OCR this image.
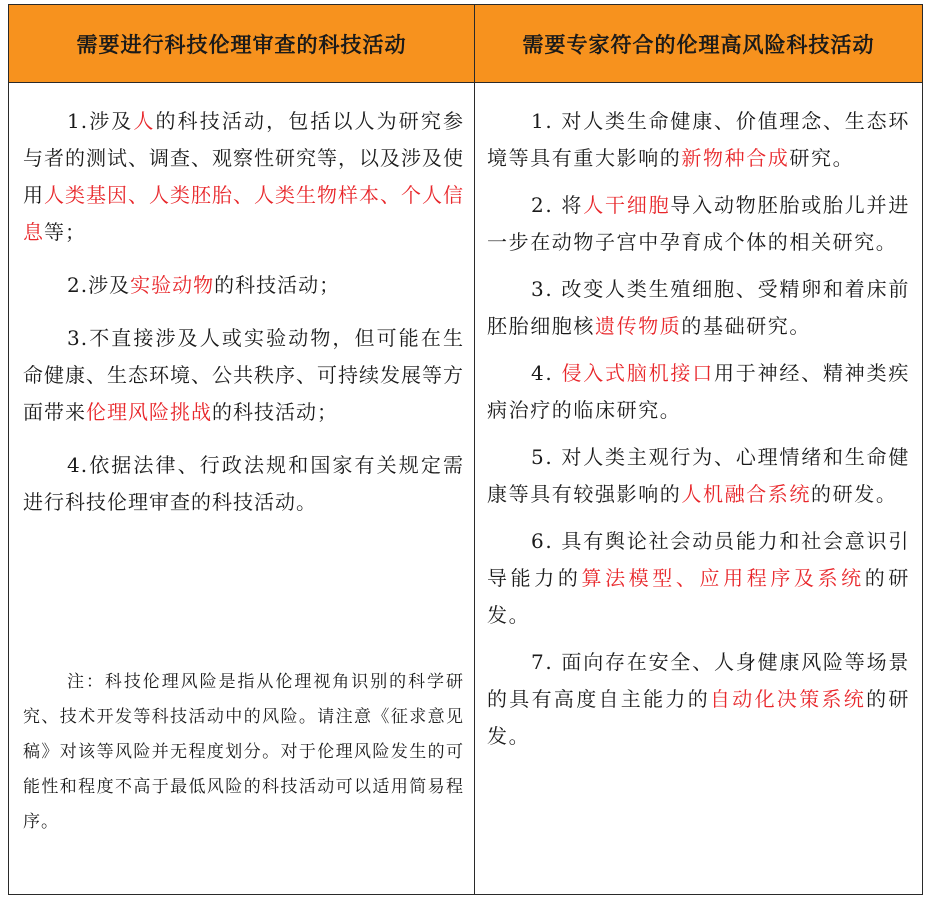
需要进行科技伦理审查的科技活动	需要专家符合的伦理高风险科技活动

1.涉及人的科技活动，包括以人为研究参与者的测试、调查、观察性研究等，以及涉及使用人类基因、人类胚胎、人类生物样本、个人信息等；

2.涉及实验动物的科技活动；

3.不直接涉及人或实验动物，但可能在生命健康、生态环境、公共秩序、可持续发展等方面带来伦理风险挑战的科技活动；

4.依据法律、行政法规和国家有关规定需进行科技伦理审查的科技活动。

注：科技伦理风险是指从伦理视角识别的科学研究、技术开发等科技活动中的风险。请注意《征求意见稿》对该等风险并无程度划分。对于伦理风险发生的可能性和程度不高于最低风险的科技活动可以适用简易程序。

1. 对人类生命健康、价值理念、生态环境等具有重大影响的新物种合成研究。

2. 将人干细胞导入动物胚胎或胎儿并进一步在动物子宫中孕育成个体的相关研究。

3. 改变人类生殖细胞、受精卵和着床前胚胎细胞核遗传物质的基础研究。

4. 侵入式脑机接口用于神经、精神类疾病治疗的临床研究。

5. 对人类主观行为、心理情绪和生命健康等具有较强影响的人机融合系统的研发。

6. 具有舆论社会动员能力和社会意识引导能力的算法模型、应用程序及系统的研发。

7. 面向存在安全、人身健康风险等场景的具有高度自主能力的自动化决策系统的研发。
